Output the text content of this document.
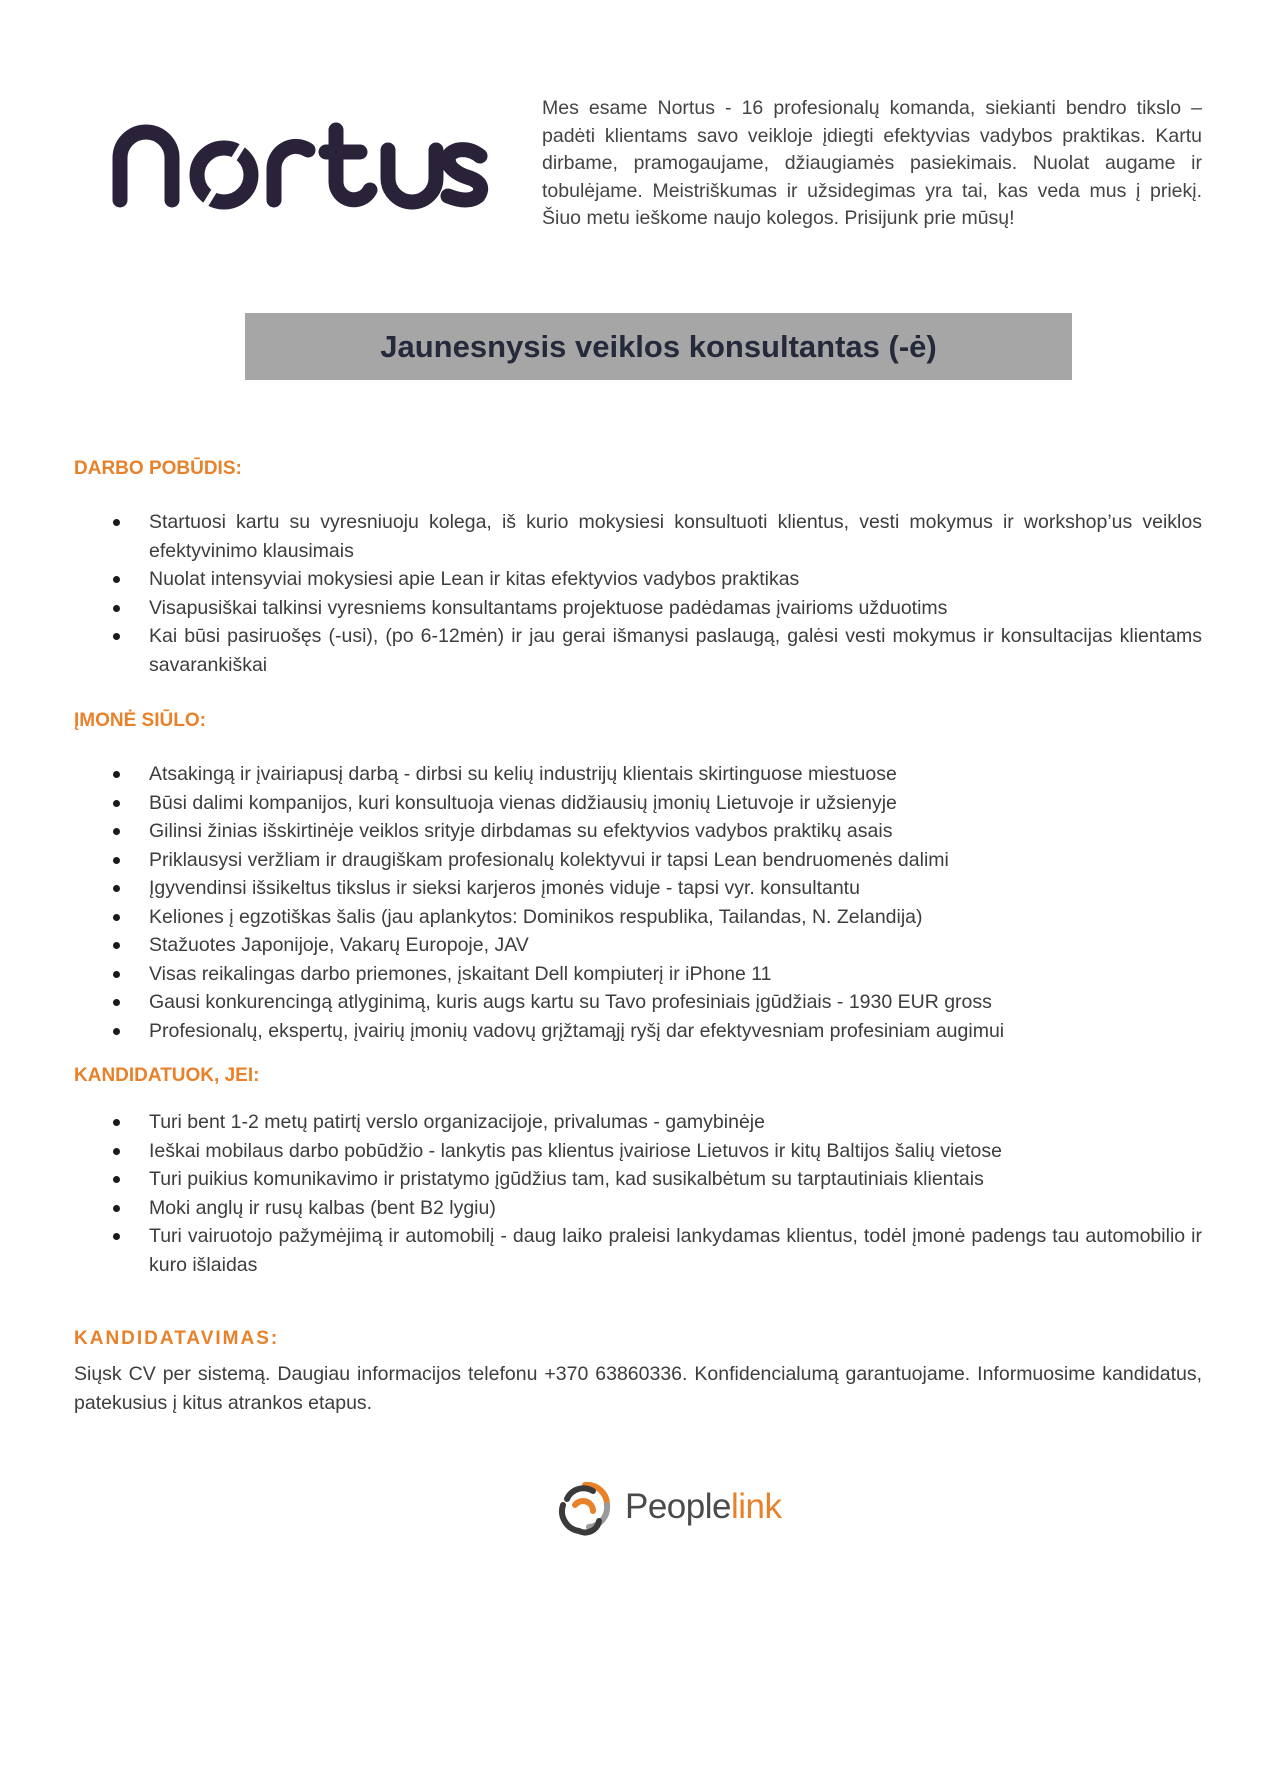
Mes esame Nortus - 16 profesionalų komanda, siekianti bendro tikslo – padėti klientams savo veikloje įdiegti efektyvias vadybos praktikas. Kartu dirbame, pramogaujame, džiaugiamės pasiekimais. Nuolat augame ir tobulėjame. Meistriškumas ir užsidegimas yra tai, kas veda mus į priekį. Šiuo metu ieškome naujo kolegos. Prisijunk prie mūsų!

Jaunesnysis veiklos konsultantas (-ė)
DARBO POBŪDIS:
Startuosi kartu su vyresniuoju kolega, iš kurio mokysiesi konsultuoti klientus, vesti mokymus ir workshop’us veiklos efektyvinimo klausimais
Nuolat intensyviai mokysiesi apie Lean ir kitas efektyvios vadybos praktikas
Visapusiškai talkinsi vyresniems konsultantams projektuose padėdamas įvairioms užduotims
Kai būsi pasiruošęs (-usi), (po 6-12mėn) ir jau gerai išmanysi paslaugą, galėsi vesti mokymus ir konsultacijas klientams savarankiškai
ĮMONĖ SIŪLO:
Atsakingą ir įvairiapusį darbą - dirbsi su kelių industrijų klientais skirtinguose miestuose
Būsi dalimi kompanijos, kuri konsultuoja vienas didžiausių įmonių Lietuvoje ir užsienyje
Gilinsi žinias išskirtinėje veiklos srityje dirbdamas su efektyvios vadybos praktikų asais
Priklausysi veržliam ir draugiškam profesionalų kolektyvui ir tapsi Lean bendruomenės dalimi
Įgyvendinsi išsikeltus tikslus ir sieksi karjeros įmonės viduje - tapsi vyr. konsultantu
Keliones į egzotiškas šalis (jau aplankytos: Dominikos respublika, Tailandas, N. Zelandija)
Stažuotes Japonijoje, Vakarų Europoje, JAV
Visas reikalingas darbo priemones, įskaitant Dell kompiuterį ir iPhone 11
Gausi konkurencingą atlyginimą, kuris augs kartu su Tavo profesiniais įgūdžiais - 1930 EUR gross
Profesionalų, ekspertų, įvairių įmonių vadovų grįžtamąjį ryšį dar efektyvesniam profesiniam augimui
KANDIDATUOK, JEI:
Turi bent 1-2 metų patirtį verslo organizacijoje, privalumas - gamybinėje
Ieškai mobilaus darbo pobūdžio - lankytis pas klientus įvairiose Lietuvos ir kitų Baltijos šalių vietose
Turi puikius komunikavimo ir pristatymo įgūdžius tam, kad susikalbėtum su tarptautiniais klientais
Moki anglų ir rusų kalbas (bent B2 lygiu)
Turi vairuotojo pažymėjimą ir automobilį - daug laiko praleisi lankydamas klientus, todėl įmonė padengs tau automobilio ir kuro išlaidas
KANDIDATAVIMAS:

Siųsk CV per sistemą. Daugiau informacijos telefonu +370 63860336. Konfidencialumą garantuojame. Informuosime kandidatus, patekusius į kitus atrankos etapus.

Peoplelink
